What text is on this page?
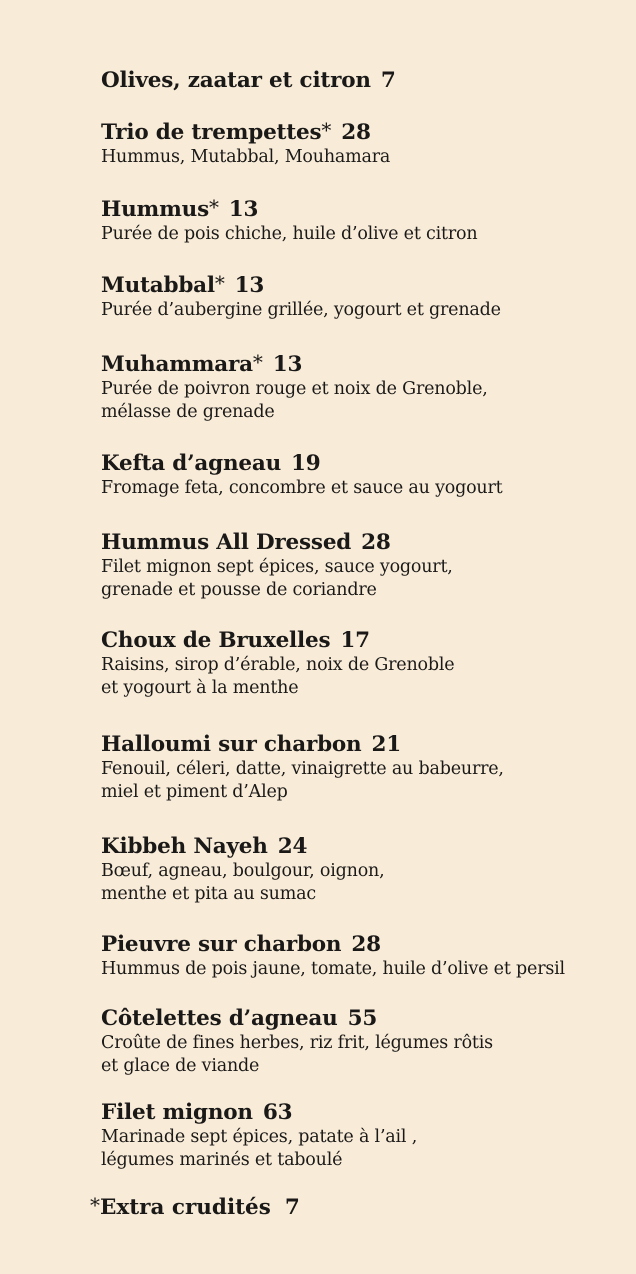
Olives, zaatar et citron 7
Trio de trempettes* 28
Hummus, Mutabbal, Mouhamara
Hummus* 13
Purée de pois chiche, huile d’olive et citron
Mutabbal* 13
Purée d’aubergine grillée, yogourt et grenade
Muhammara* 13
Purée de poivron rouge et noix de Grenoble,
mélasse de grenade
Kefta d’agneau 19
Fromage feta, concombre et sauce au yogourt
Hummus All Dressed 28
Filet mignon sept épices, sauce yogourt,
grenade et pousse de coriandre
Choux de Bruxelles 17
Raisins, sirop d’érable, noix de Grenoble
et yogourt à la menthe
Halloumi sur charbon 21
Fenouil, céleri, datte, vinaigrette au babeurre,
miel et piment d’Alep
Kibbeh Nayeh 24
Bœuf, agneau, boulgour, oignon,
menthe et pita au sumac
Pieuvre sur charbon 28
Hummus de pois jaune, tomate, huile d’olive et persil
Côtelettes d’agneau 55
Croûte de fines herbes, riz frit, légumes rôtis
et glace de viande
Filet mignon 63
Marinade sept épices, patate à l’ail ,
légumes marinés et taboulé
*Extra crudités 7
